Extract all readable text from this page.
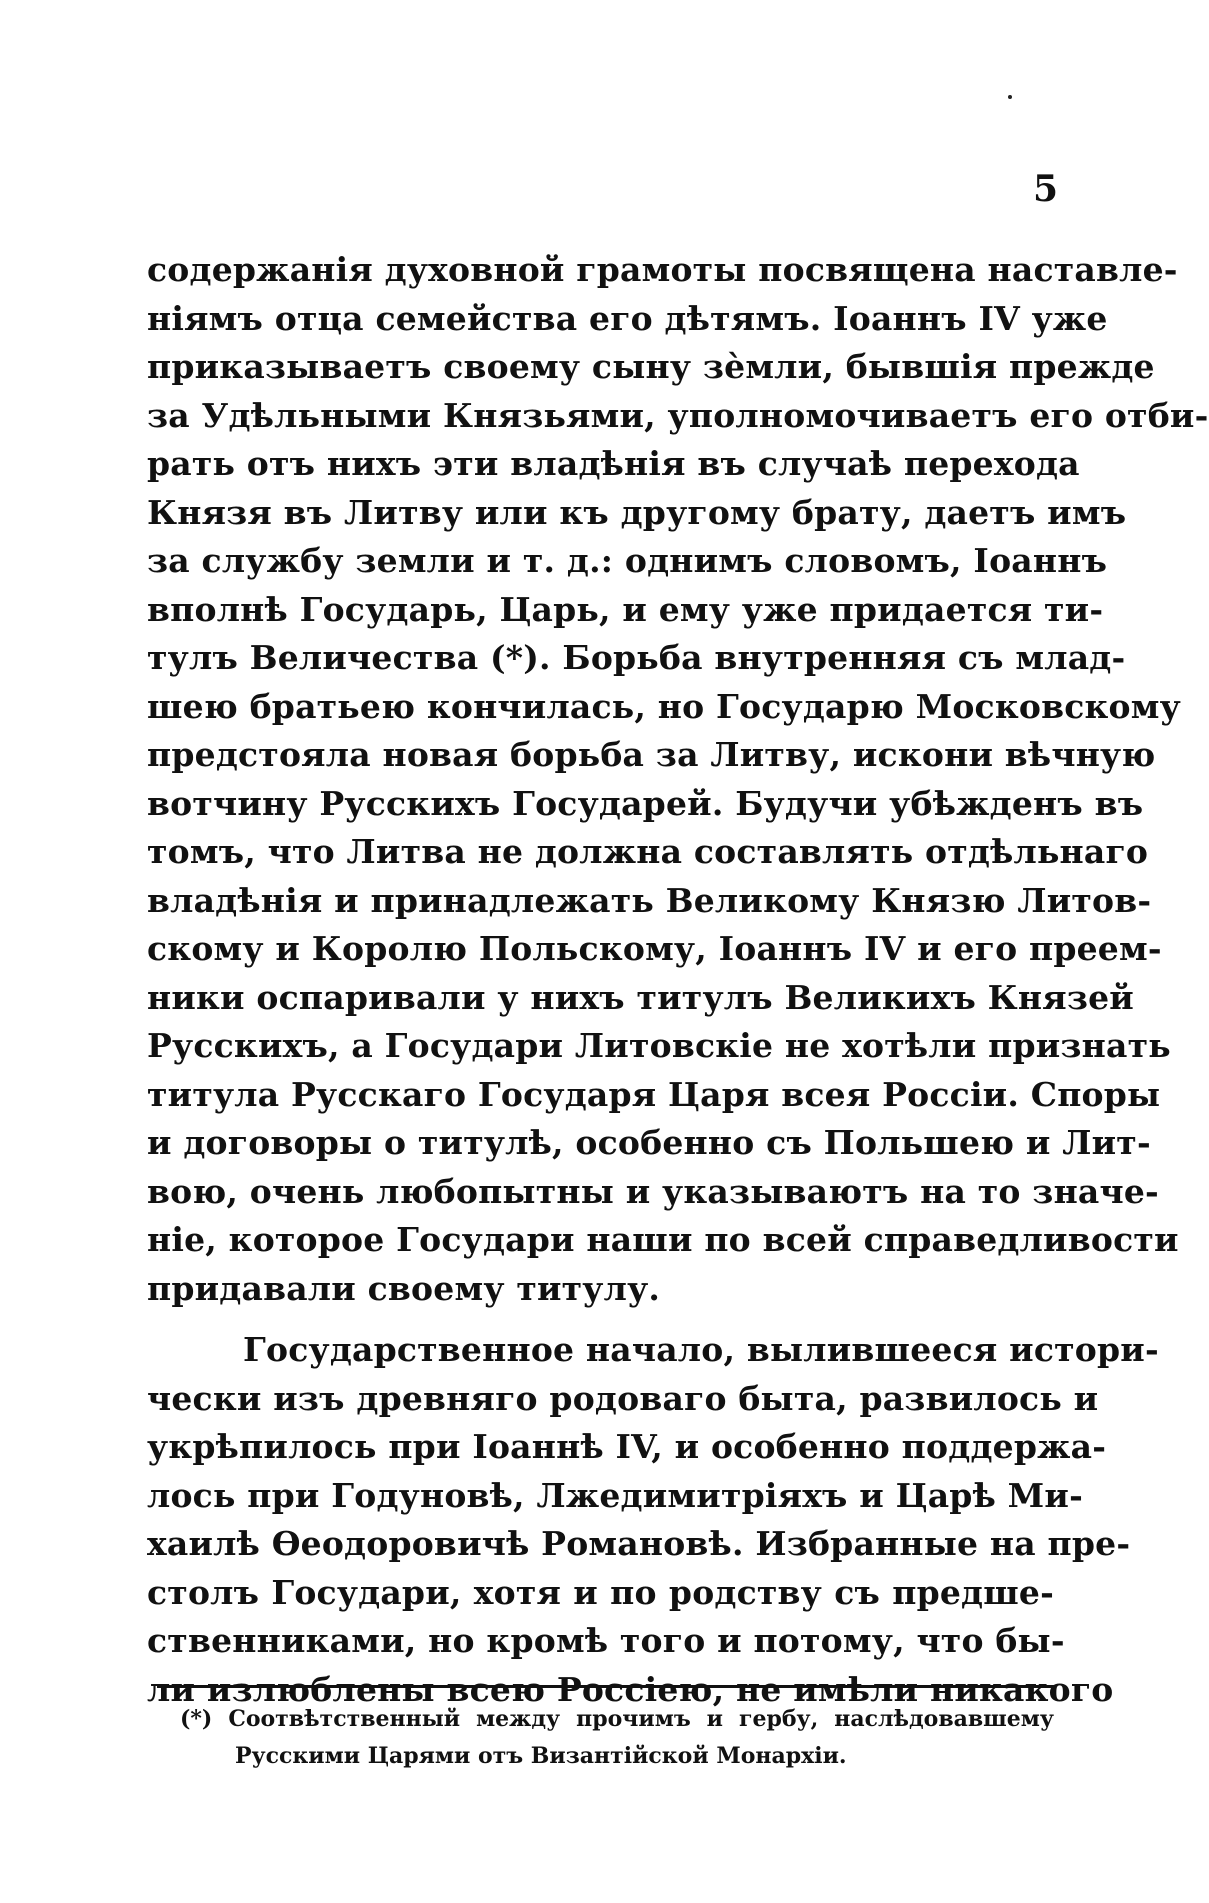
5
содержанія духовной грамоты посвящена наставле-
ніямъ отца семейства его дѣтямъ. Іоаннъ IV уже
приказываетъ своему сыну зѐмли, бывшія прежде
за Удѣльными Князьями, уполномочиваетъ его отби-
рать отъ нихъ эти владѣнія въ случаѣ перехода
Князя въ Литву или къ другому брату, даетъ имъ
за службу земли и т. д.: однимъ словомъ, Іоаннъ
вполнѣ Государь, Царь, и ему уже придается ти-
тулъ Величества (*). Борьба внутренняя съ млад-
шею братьею кончилась, но Государю Московскому
предстояла новая борьба за Литву, искони вѣчную
вотчину Русскихъ Государей. Будучи убѣжденъ въ
томъ, что Литва не должна составлять отдѣльнаго
владѣнія и принадлежать Великому Князю Литов-
скому и Королю Польскому, Іоаннъ IV и его преем-
ники оспаривали у нихъ титулъ Великихъ Князей
Русскихъ, а Государи Литовскіе не хотѣли признать
титула Русскаго Государя Царя всея Россіи. Споры
и договоры о титулѣ, особенно съ Польшею и Лит-
вою, очень любопытны и указываютъ на то значе-
ніе, которое Государи наши по всей справедливости
придавали своему титулу.
Государственное начало, вылившееся истори-
чески изъ древняго родоваго быта, развилось и
укрѣпилось при Іоаннѣ IV, и особенно поддержа-
лось при Годуновѣ, Лжедимитріяхъ и Царѣ Ми-
хаилѣ Ѳеодоровичѣ Романовѣ. Избранные на пре-
столъ Государи, хотя и по родству съ предше-
ственниками, но кромѣ того и потому, что бы-
ли излюблены всею Россіею, не имѣли никакого
(*) Соотвѣтственный между прочимъ и гербу, наслѣдовавшему
Русскими Царями отъ Византійской Монархіи.
